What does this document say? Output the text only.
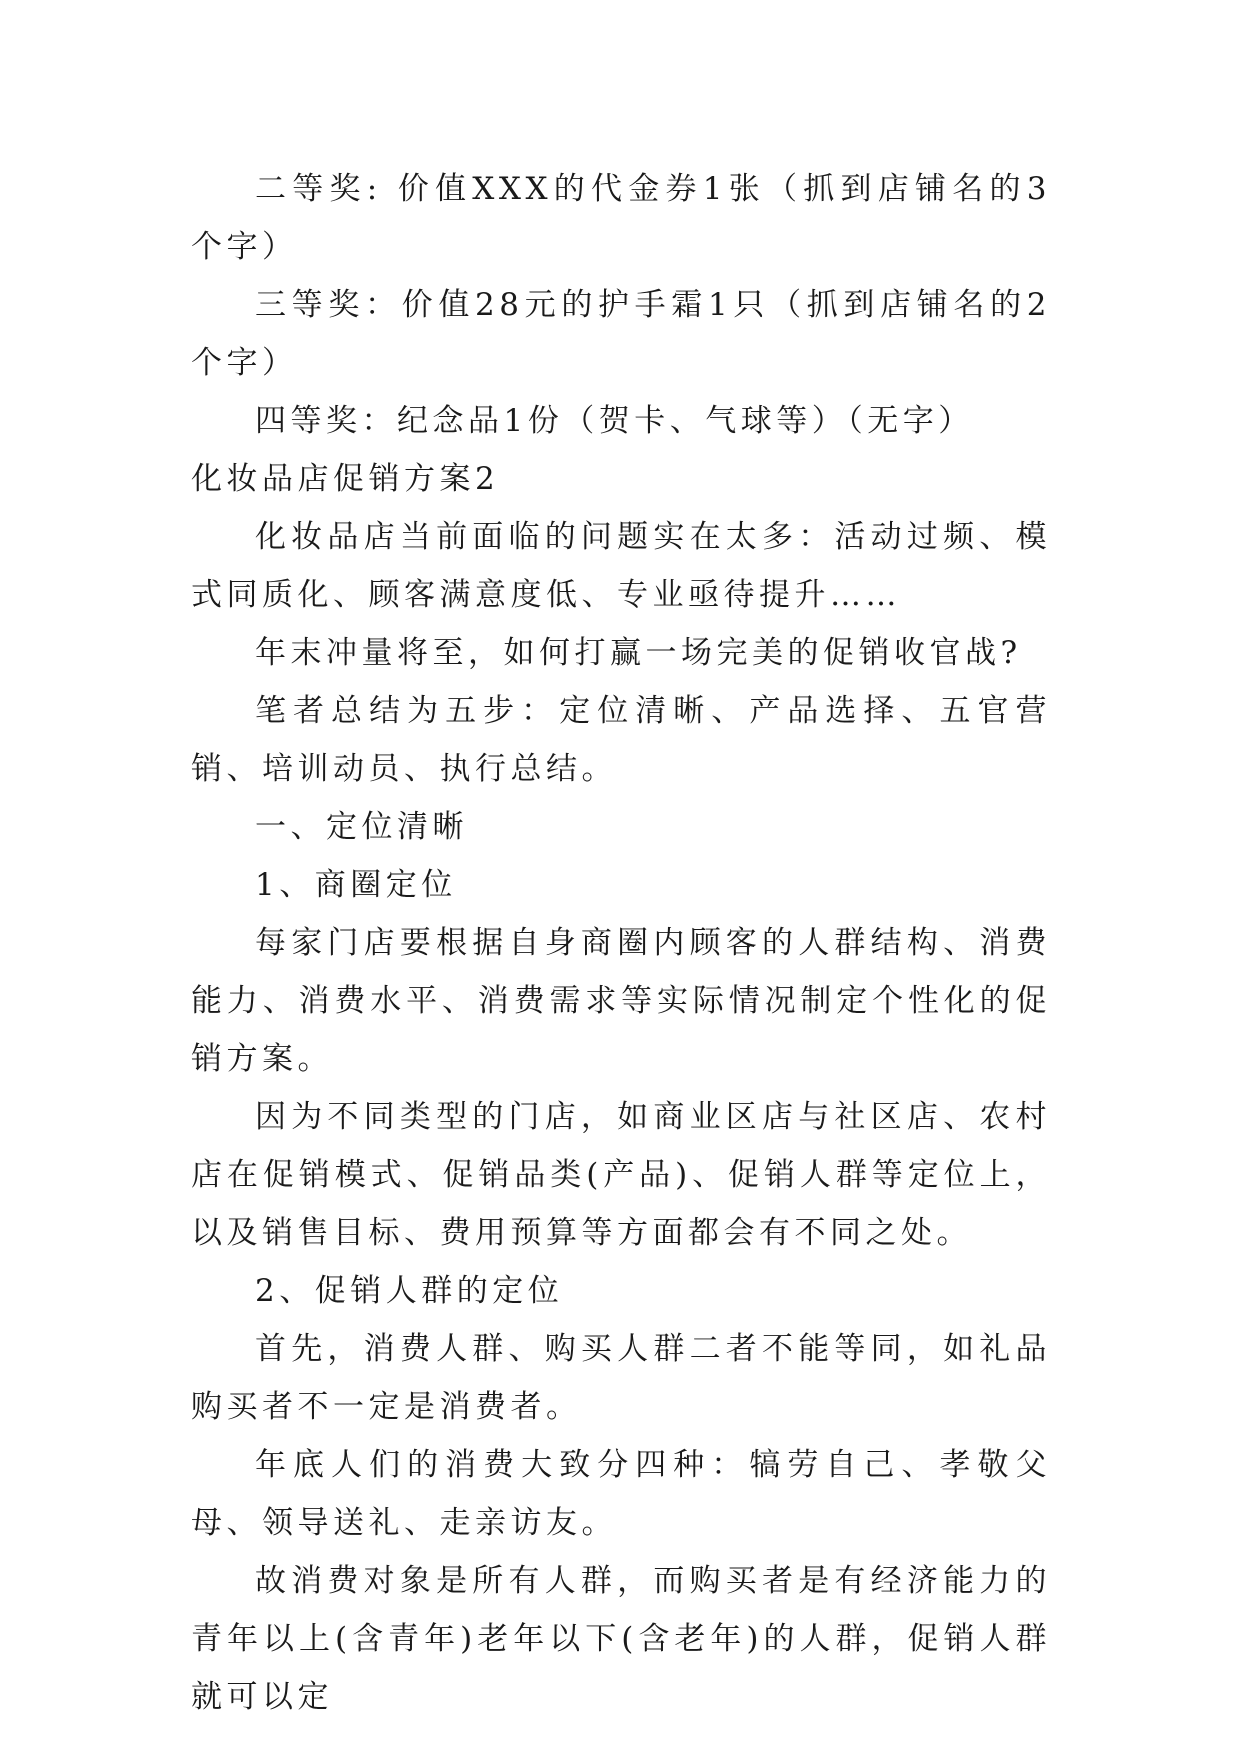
二等奖: 价值XXX的代金券1张（抓到店铺名的3个字）

三等奖：价值28元的护手霜1只（抓到店铺名的2个字）

四等奖：纪念品1份（贺卡、气球等）（无字）

化妆品店促销方案2

化妆品店当前面临的问题实在太多：活动过频、模式同质化、顾客满意度低、专业亟待提升……

年末冲量将至，如何打赢一场完美的促销收官战?

笔者总结为五步：定位清晰、产品选择、五官营销、培训动员、执行总结。

一、定位清晰

1、商圈定位

每家门店要根据自身商圈内顾客的人群结构、消费能力、消费水平、消费需求等实际情况制定个性化的促销方案。

因为不同类型的门店，如商业区店与社区店、农村店在促销模式、促销品类(产品)、促销人群等定位上，以及销售目标、费用预算等方面都会有不同之处。

2、促销人群的定位

首先，消费人群、购买人群二者不能等同，如礼品购买者不一定是消费者。

年底人们的消费大致分四种：犒劳自己、孝敬父母、领导送礼、走亲访友。

故消费对象是所有人群，而购买者是有经济能力的青年以上(含青年)老年以下(含老年)的人群，促销人群就可以定
